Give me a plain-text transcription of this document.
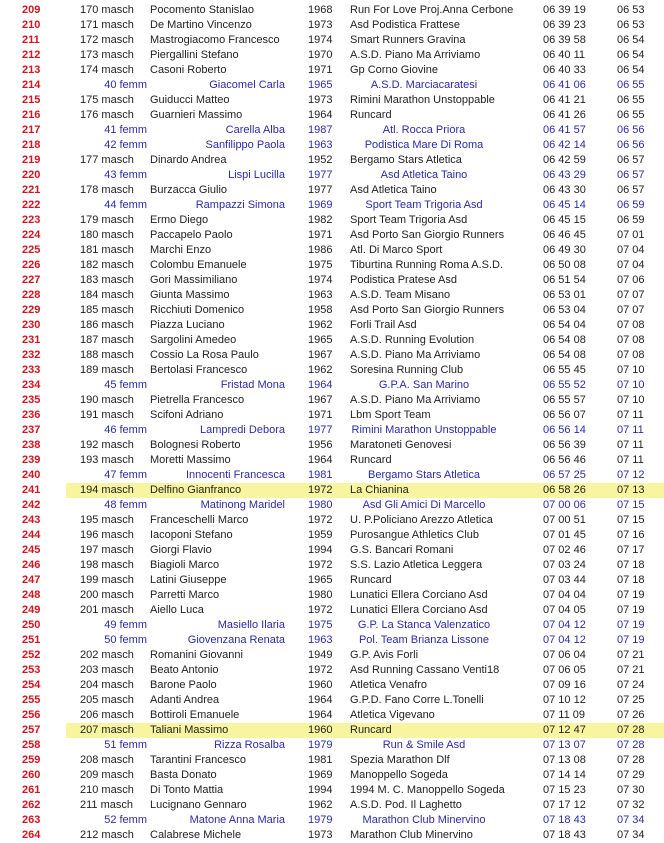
209	170 masch	Pocomento Stanislao	1968	Run For Love Proj.Anna Cerbone	06 39 19	06 53
210	171 masch	De Martino Vincenzo	1973	Asd Podistica Frattese	06 39 23	06 53
211	172 masch	Mastrogiacomo Francesco	1974	Smart Runners Gravina	06 39 58	06 54
212	173 masch	Piergallini Stefano	1970	A.S.D. Piano Ma Arriviamo	06 40 11	06 54
213	174 masch	Casoni Roberto	1971	Gp Corno Giovine	06 40 33	06 54
214	40 femm	Giacomel Carla 1965	A.S.D. Marciacaratesi	06 41 06	06 55
215	175 masch	Guiducci Matteo	1973	Rimini Marathon Unstoppable	06 41 21	06 55
216	176 masch	Guarnieri Massimo	1964	Runcard	06 41 26	06 55
217	41 femm	Carella Alba 1987	Atl. Rocca Priora	06 41 57	06 56
218	42 femm	Sanfilippo Paola 1963	Podistica Mare Di Roma	06 42 14	06 56
219	177 masch	Dinardo Andrea	1952	Bergamo Stars Atletica	06 42 59	06 57
220	43 femm	Lispi Lucilla 1977	Asd Atletica Taino	06 43 29	06 57
221	178 masch	Burzacca Giulio	1977	Asd Atletica Taino	06 43 30	06 57
222	44 femm	Rampazzi Simona 1969	Sport Team Trigoria Asd	06 45 14	06 59
223	179 masch	Ermo Diego	1982	Sport Team Trigoria Asd	06 45 15	06 59
224	180 masch	Paccapelo Paolo	1971	Asd Porto San Giorgio Runners	06 46 45	07 01
225	181 masch	Marchi Enzo	1986	Atl. Di Marco Sport	06 49 30	07 04
226	182 masch	Colombu Emanuele	1975	Tiburtina Running Roma A.S.D.	06 50 08	07 04
227	183 masch	Gori Massimiliano	1974	Podistica Pratese Asd	06 51 54	07 06
228	184 masch	Giunta Massimo	1963	A.S.D. Team Misano	06 53 01	07 07
229	185 masch	Ricchiuti Domenico	1958	Asd Porto San Giorgio Runners	06 53 04	07 07
230	186 masch	Piazza Luciano	1962	Forli Trail Asd	06 54 04	07 08
231	187 masch	Sargolini Amedeo	1965	A.S.D. Running Evolution	06 54 08	07 08
232	188 masch	Cossio La Rosa Paulo	1967	A.S.D. Piano Ma Arriviamo	06 54 08	07 08
233	189 masch	Bertolasi Francesco	1962	Soresina Running Club	06 55 45	07 10
234	45 femm	Fristad Mona 1964	G.P.A. San Marino	06 55 52	07 10
235	190 masch	Pietrella Francesco	1967	A.S.D. Piano Ma Arriviamo	06 55 57	07 10
236	191 masch	Scifoni Adriano	1971	Lbm Sport Team	06 56 07	07 11
237	46 femm	Lampredi Debora 1977	Rimini Marathon Unstoppable	06 56 14	07 11
238	192 masch	Bolognesi Roberto	1956	Maratoneti Genovesi	06 56 39	07 11
239	193 masch	Moretti Massimo	1964	Runcard	06 56 46	07 11
240	47 femm	Innocenti Francesca 1981	Bergamo Stars Atletica	06 57 25	07 12
241	194 masch	Delfino Gianfranco	1972	La Chianina	06 58 26	07 13
242	48 femm	Matinong Maridel 1980	Asd Gli Amici Di Marcello	07 00 06	07 15
243	195 masch	Franceschelli Marco	1972	U. P.Policiano Arezzo Atletica	07 00 51	07 15
244	196 masch	Iacoponi Stefano	1959	Purosangue Athletics Club	07 01 45	07 16
245	197 masch	Giorgi Flavio	1994	G.S. Bancari Romani	07 02 46	07 17
246	198 masch	Biagioli Marco	1972	S.S. Lazio Atletica Leggera	07 03 24	07 18
247	199 masch	Latini Giuseppe	1965	Runcard	07 03 44	07 18
248	200 masch	Parretti Marco	1980	Lunatici Ellera Corciano Asd	07 04 04	07 19
249	201 masch	Aiello Luca	1972	Lunatici Ellera Corciano Asd	07 04 05	07 19
250	49 femm	Masiello Ilaria 1975	G.P. La Stanca Valenzatico	07 04 12	07 19
251	50 femm	Giovenzana Renata 1963	Pol. Team Brianza Lissone	07 04 12	07 19
252	202 masch	Romanini Giovanni	1949	G.P. Avis Forli	07 06 04	07 21
253	203 masch	Beato Antonio	1972	Asd Running Cassano Venti18	07 06 05	07 21
254	204 masch	Barone Paolo	1960	Atletica Venafro	07 09 16	07 24
255	205 masch	Adanti Andrea	1964	G.P.D. Fano Corre L.Tonelli	07 10 12	07 25
256	206 masch	Bottiroli Emanuele	1964	Atletica Vigevano	07 11 09	07 26
257	207 masch	Taliani Massimo	1960	Runcard	07 12 47	07 28
258	51 femm	Rizza Rosalba 1979	Run & Smile Asd	07 13 07	07 28
259	208 masch	Tarantini Francesco	1981	Spezia Marathon Dlf	07 13 08	07 28
260	209 masch	Basta Donato	1969	Manoppello Sogeda	07 14 14	07 29
261	210 masch	Di Tonto Mattia	1994	1994 M. C. Manoppello Sogeda	07 15 23	07 30
262	211 masch	Lucignano Gennaro	1962	A.S.D. Pod. Il Laghetto	07 17 12	07 32
263	52 femm	Matone Anna Maria 1979	Marathon Club Minervino	07 18 43	07 34
264	212 masch	Calabrese Michele	1973	Marathon Club Minervino	07 18 43	07 34
